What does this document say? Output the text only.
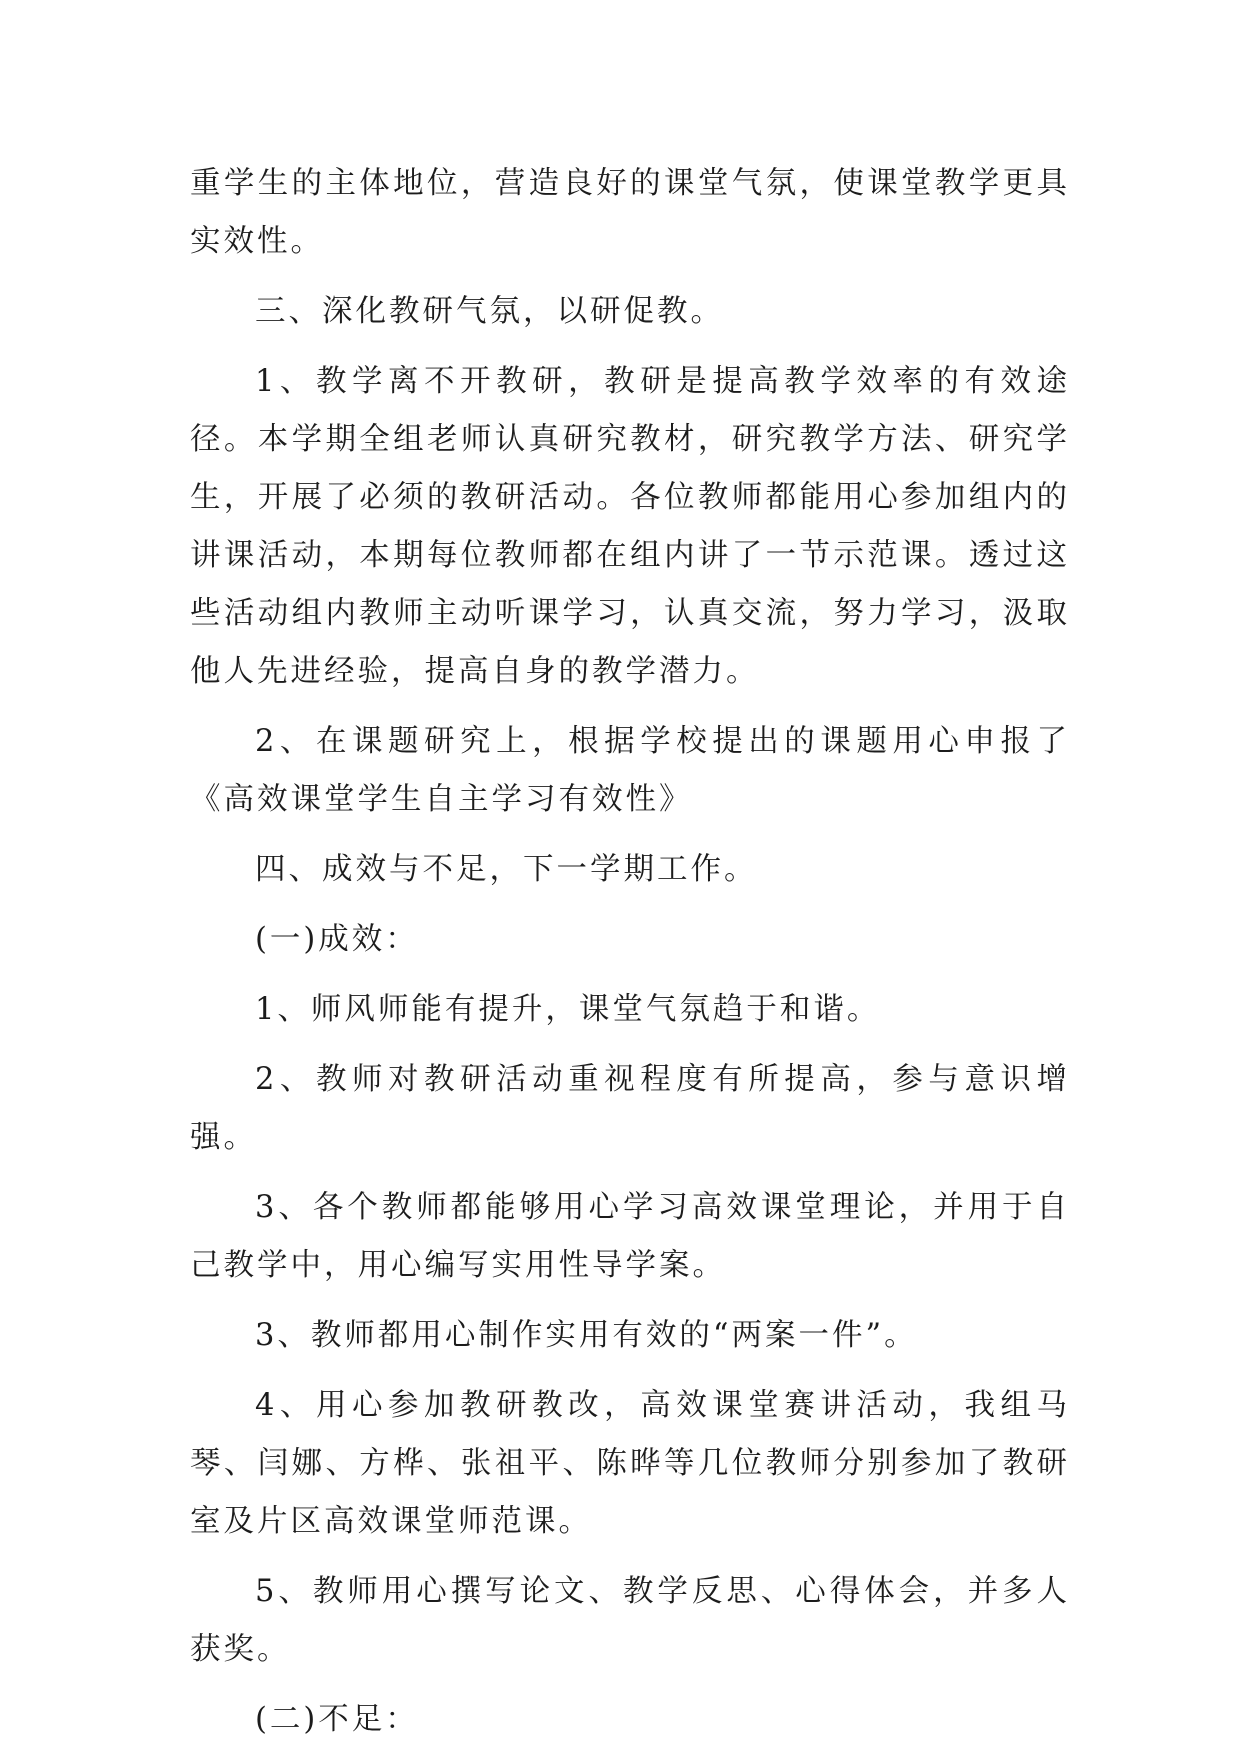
重学生的主体地位，营造良好的课堂气氛，使课堂教学更具实效性。

三、深化教研气氛，以研促教。

1、教学离不开教研，教研是提高教学效率的有效途径。本学期全组老师认真研究教材，研究教学方法、研究学生，开展了必须的教研活动。各位教师都能用心参加组内的讲课活动，本期每位教师都在组内讲了一节示范课。透过这些活动组内教师主动听课学习，认真交流，努力学习，汲取他人先进经验，提高自身的教学潜力。

2、在课题研究上，根据学校提出的课题用心申报了《高效课堂学生自主学习有效性》

四、成效与不足，下一学期工作。

(一)成效：

1、师风师能有提升，课堂气氛趋于和谐。

2、教师对教研活动重视程度有所提高，参与意识增强。

3、各个教师都能够用心学习高效课堂理论，并用于自己教学中，用心编写实用性导学案。

3、教师都用心制作实用有效的“两案一件”。

4、用心参加教研教改，高效课堂赛讲活动，我组马琴、闫娜、方桦、张祖平、陈晔等几位教师分别参加了教研室及片区高效课堂师范课。

5、教师用心撰写论文、教学反思、心得体会，并多人获奖。

(二)不足：
